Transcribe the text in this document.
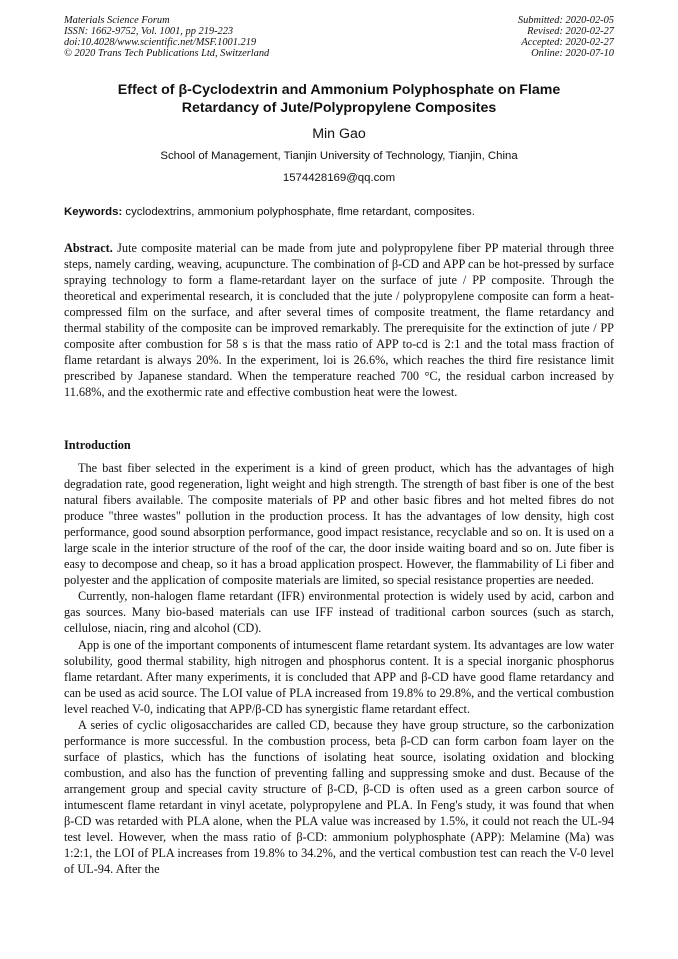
Materials Science Forum
ISSN: 1662-9752, Vol. 1001, pp 219-223
doi:10.4028/www.scientific.net/MSF.1001.219
© 2020 Trans Tech Publications Ltd, Switzerland
Submitted: 2020-02-05
Revised: 2020-02-27
Accepted: 2020-02-27
Online: 2020-07-10
Effect of β-Cyclodextrin and Ammonium Polyphosphate on Flame
Retardancy of Jute/Polypropylene Composites
Min Gao
School of Management, Tianjin University of Technology, Tianjin, China
1574428169@qq.com
Keywords: cyclodextrins, ammonium polyphosphate, flme retardant, composites.

Abstract. Jute composite material can be made from jute and polypropylene fiber PP material through three steps, namely carding, weaving, acupuncture. The combination of β-CD and APP can be hot-pressed by surface spraying technology to form a flame-retardant layer on the surface of jute / PP composite. Through the theoretical and experimental research, it is concluded that the jute / polypropylene composite can form a heat-compressed film on the surface, and after several times of composite treatment, the flame retardancy and thermal stability of the composite can be improved remarkably. The prerequisite for the extinction of jute / PP composite after combustion for 58 s is that the mass ratio of APP to-cd is 2:1 and the total mass fraction of flame retardant is always 20%. In the experiment, loi is 26.6%, which reaches the third fire resistance limit prescribed by Japanese standard. When the temperature reached 700 °C, the residual carbon increased by 11.68%, and the exothermic rate and effective combustion heat were the lowest.

Introduction

The bast fiber selected in the experiment is a kind of green product, which has the advantages of high degradation rate, good regeneration, light weight and high strength. The strength of bast fiber is one of the best natural fibers available. The composite materials of PP and other basic fibres and hot melted fibres do not produce "three wastes" pollution in the production process. It has the advantages of low density, high cost performance, good sound absorption performance, good impact resistance, recyclable and so on. It is used on a large scale in the interior structure of the roof of the car, the door inside waiting board and so on. Jute fiber is easy to decompose and cheap, so it has a broad application prospect. However, the flammability of Li fiber and polyester and the application of composite materials are limited, so special resistance properties are needed.

Currently, non-halogen flame retardant (IFR) environmental protection is widely used by acid, carbon and gas sources. Many bio-based materials can use IFF instead of traditional carbon sources (such as starch, cellulose, niacin, ring and alcohol (CD).

App is one of the important components of intumescent flame retardant system. Its advantages are low water solubility, good thermal stability, high nitrogen and phosphorus content. It is a special inorganic phosphorus flame retardant. After many experiments, it is concluded that APP and β-CD have good flame retardancy and can be used as acid source. The LOI value of PLA increased from 19.8% to 29.8%, and the vertical combustion level reached V-0, indicating that APP/β-CD has synergistic flame retardant effect.

A series of cyclic oligosaccharides are called CD, because they have group structure, so the carbonization performance is more successful. In the combustion process, beta β-CD can form carbon foam layer on the surface of plastics, which has the functions of isolating heat source, isolating oxidation and blocking combustion, and also has the function of preventing falling and suppressing smoke and dust. Because of the arrangement group and special cavity structure of β-CD, β-CD is often used as a green carbon source of intumescent flame retardant in vinyl acetate, polypropylene and PLA. In Feng's study, it was found that when β-CD was retarded with PLA alone, when the PLA value was increased by 1.5%, it could not reach the UL-94 test level. However, when the mass ratio of β-CD: ammonium polyphosphate (APP): Melamine (Ma) was 1:2:1, the LOI of PLA increases from 19.8% to 34.2%, and the vertical combustion test can reach the V-0 level of UL-94. After the
